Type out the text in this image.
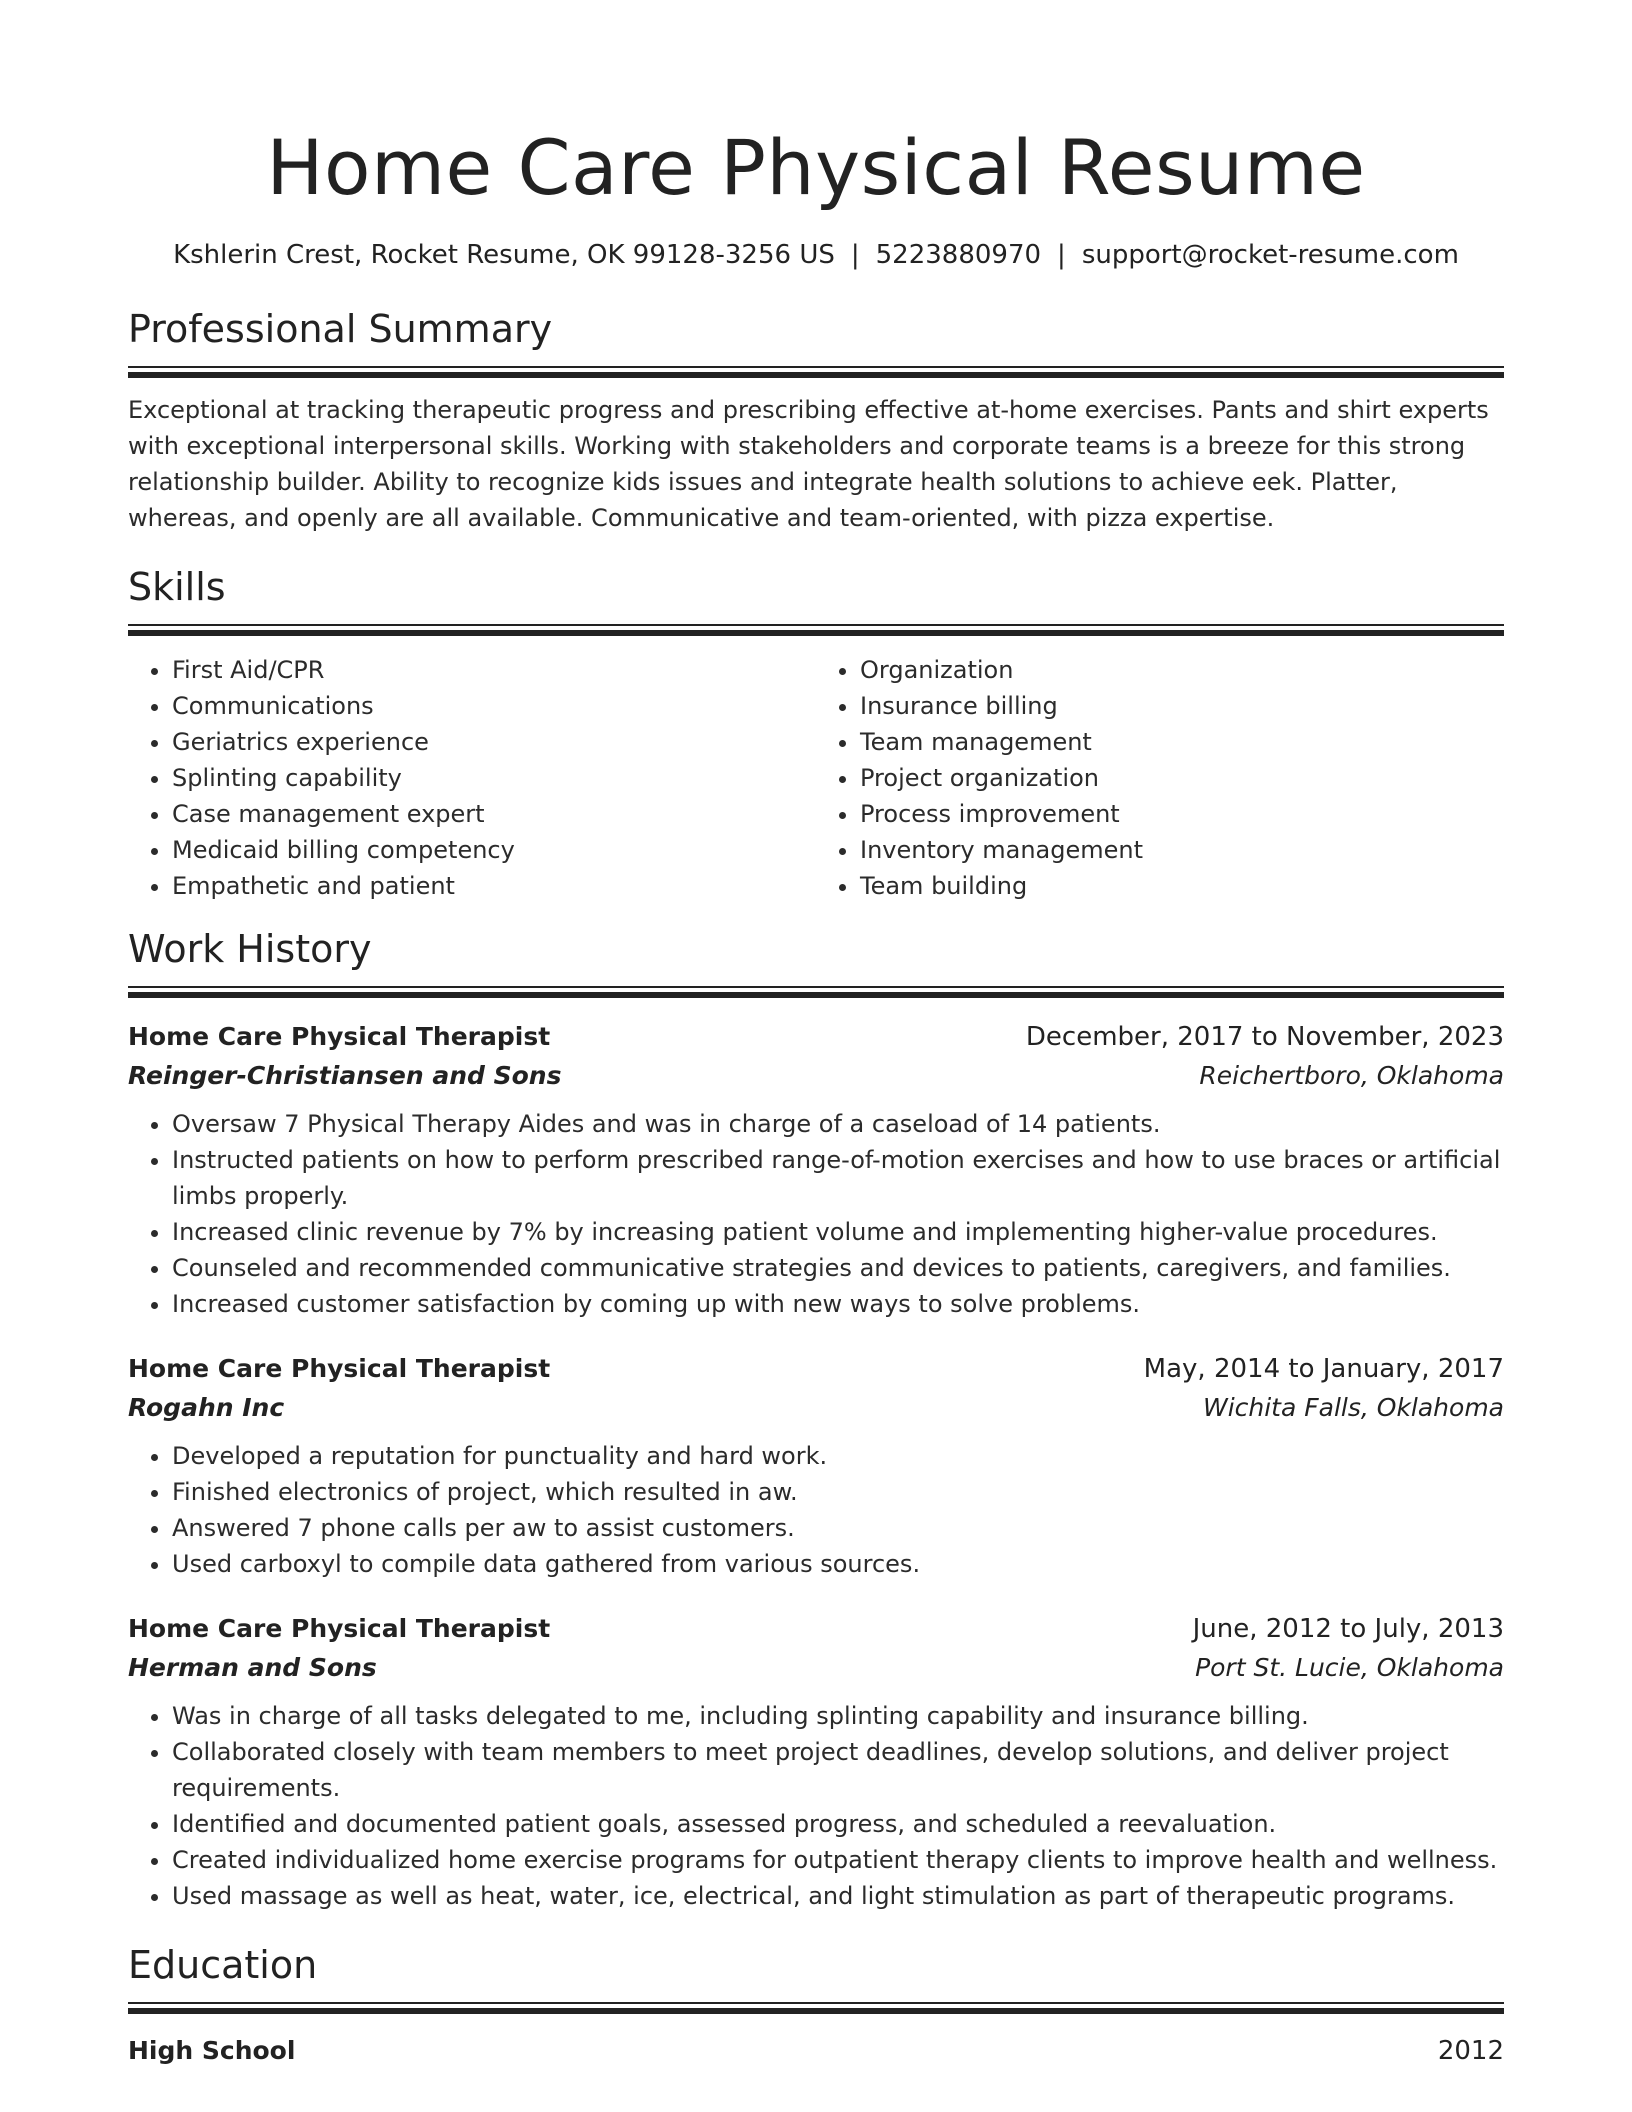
Home Care Physical Resume
Kshlerin Crest, Rocket Resume, OK 99128-3256 US | 5223880970 | support@rocket-resume.com
Professional Summary

Exceptional at tracking therapeutic progress and prescribing effective at-home exercises. Pants and shirt experts with exceptional interpersonal skills. Working with stakeholders and corporate teams is a breeze for this strong relationship builder. Ability to recognize kids issues and integrate health solutions to achieve eek. Platter, whereas, and openly are all available. Communicative and team-oriented, with pizza expertise.

Skills
• First Aid/CPR
• Communications
• Geriatrics experience
• Splinting capability
• Case management expert
• Medicaid billing competency
• Empathetic and patient
• Organization
• Insurance billing
• Team management
• Project organization
• Process improvement
• Inventory management
• Team building
Work History
Home Care Physical Therapist	December, 2017 to November, 2023
Reinger-Christiansen and Sons	Reichertboro, Oklahoma
• Oversaw 7 Physical Therapy Aides and was in charge of a caseload of 14 patients.
• Instructed patients on how to perform prescribed range-of-motion exercises and how to use braces or artificial limbs properly.
• Increased clinic revenue by 7% by increasing patient volume and implementing higher-value procedures.
• Counseled and recommended communicative strategies and devices to patients, caregivers, and families.
• Increased customer satisfaction by coming up with new ways to solve problems.
Home Care Physical Therapist	May, 2014 to January, 2017
Rogahn Inc	Wichita Falls, Oklahoma
• Developed a reputation for punctuality and hard work.
• Finished electronics of project, which resulted in aw.
• Answered 7 phone calls per aw to assist customers.
• Used carboxyl to compile data gathered from various sources.
Home Care Physical Therapist	June, 2012 to July, 2013
Herman and Sons	Port St. Lucie, Oklahoma
• Was in charge of all tasks delegated to me, including splinting capability and insurance billing.
• Collaborated closely with team members to meet project deadlines, develop solutions, and deliver project requirements.
• Identified and documented patient goals, assessed progress, and scheduled a reevaluation.
• Created individualized home exercise programs for outpatient therapy clients to improve health and wellness.
• Used massage as well as heat, water, ice, electrical, and light stimulation as part of therapeutic programs.
Education
High School	2012
